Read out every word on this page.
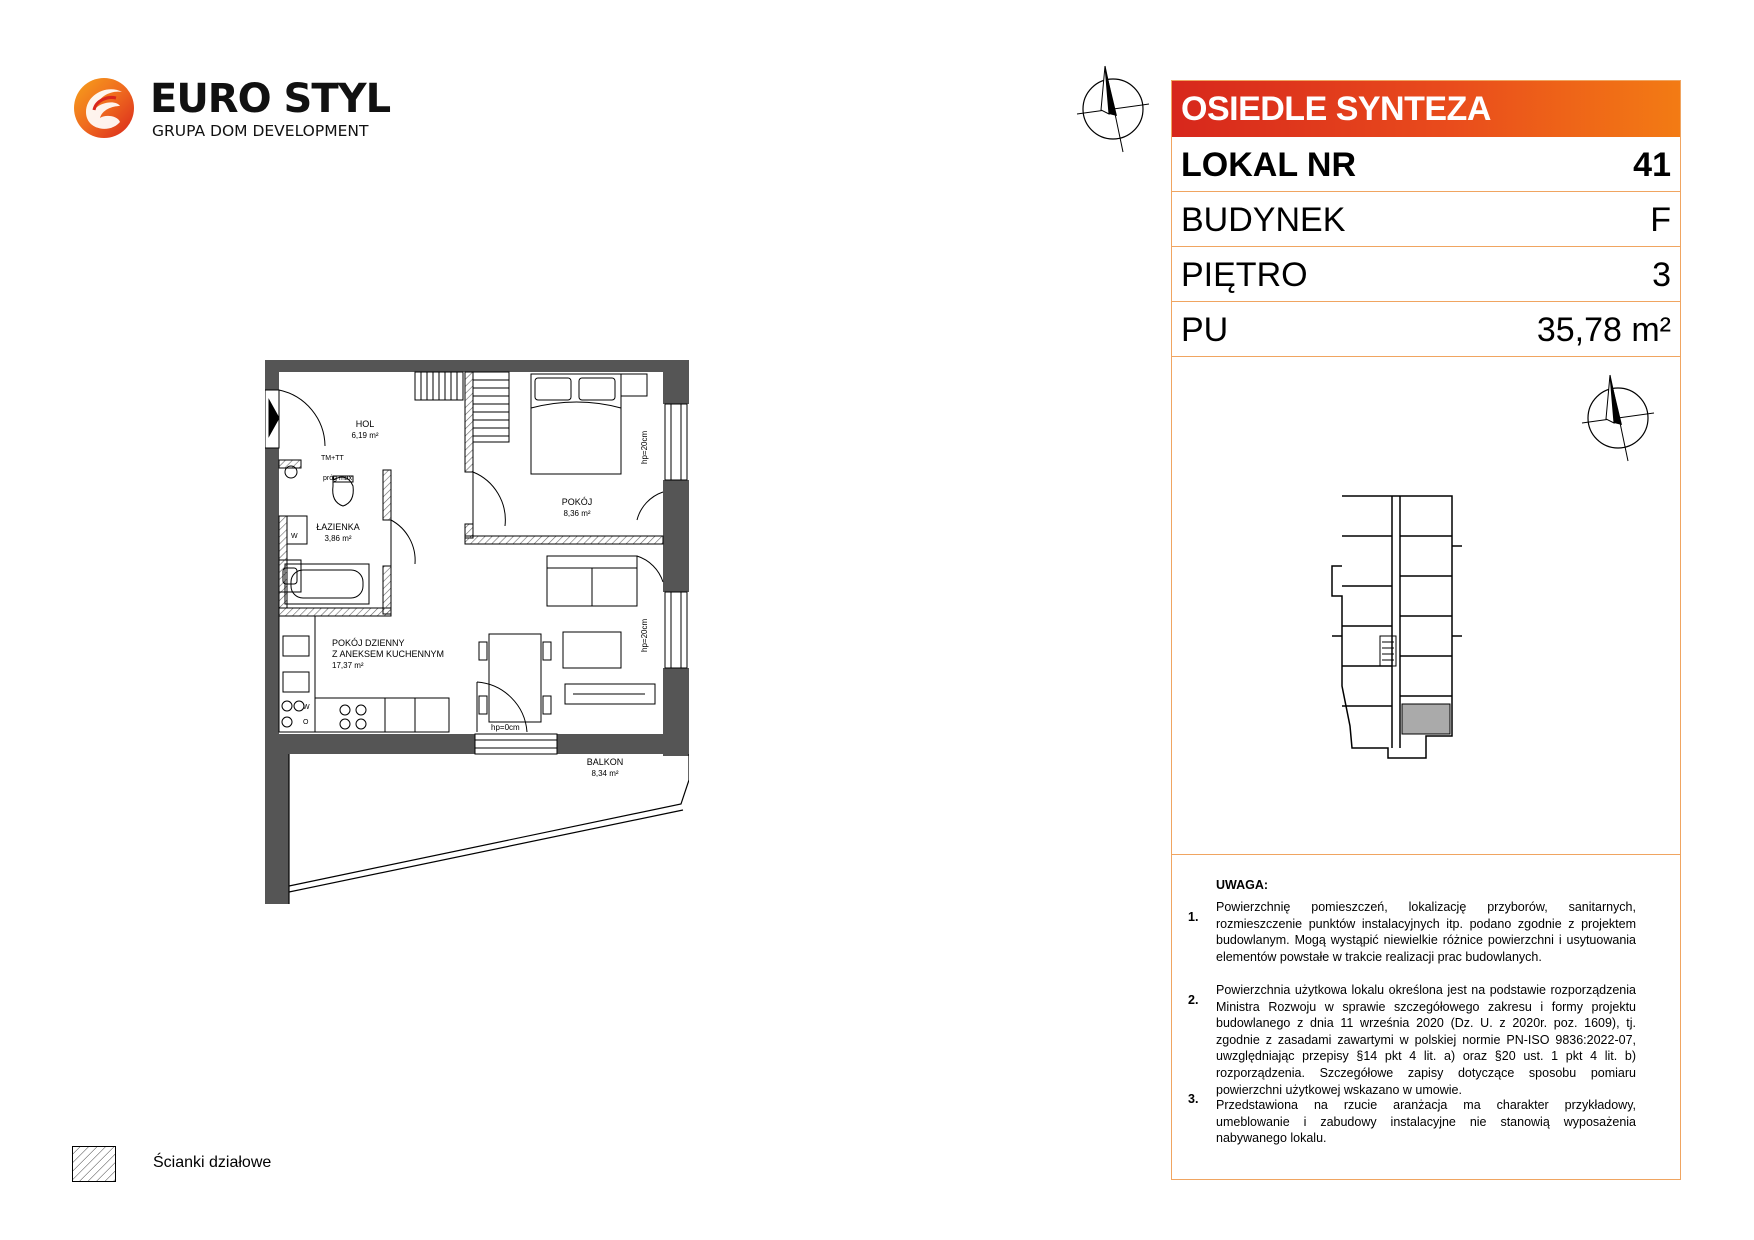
EURO STYL
GRUPA DOM DEVELOPMENT
HOL
6,19 m²
POKÓJ
8,36 m²
ŁAZIENKA
3,86 m²
POKÓJ DZIENNY
Z ANEKSEM KUCHENNYM
17,37 m²
BALKON
8,34 m²
TM+TT
próg max
hp=20cm
hp=20cm
hp=0cm
W
W
O
Ścianki działowe
OSIEDLE SYNTEZA
LOKAL NR	41
BUDYNEK	F
PIĘTRO	3
PU	35,78 m²
UWAGA:
1.
Powierzchnię pomieszczeń, lokalizację przyborów, sanitarnych, rozmieszczenie punktów instalacyjnych itp. podano zgodnie z projektem budowlanym. Mogą wystąpić niewielkie różnice powierzchni i usytuowania elementów powstałe w trakcie realizacji prac budowlanych.
2.
Powierzchnia użytkowa lokalu określona jest na podstawie rozporządzenia Ministra Rozwoju w sprawie szczegółowego zakresu i formy projektu budowlanego z dnia 11 września 2020 (Dz. U. z 2020r. poz. 1609), tj. zgodnie z zasadami zawartymi w polskiej normie PN-ISO 9836:2022-07, uwzględniając przepisy §14 pkt 4 lit. a) oraz §20 ust. 1 pkt 4 lit. b) rozporządzenia. Szczegółowe zapisy dotyczące sposobu pomiaru powierzchni użytkowej wskazano w umowie.
3. Przedstawiona na rzucie aranżacja ma charakter przykładowy, umeblowanie i zabudowy instalacyjne nie stanowią wyposażenia nabywanego lokalu.
